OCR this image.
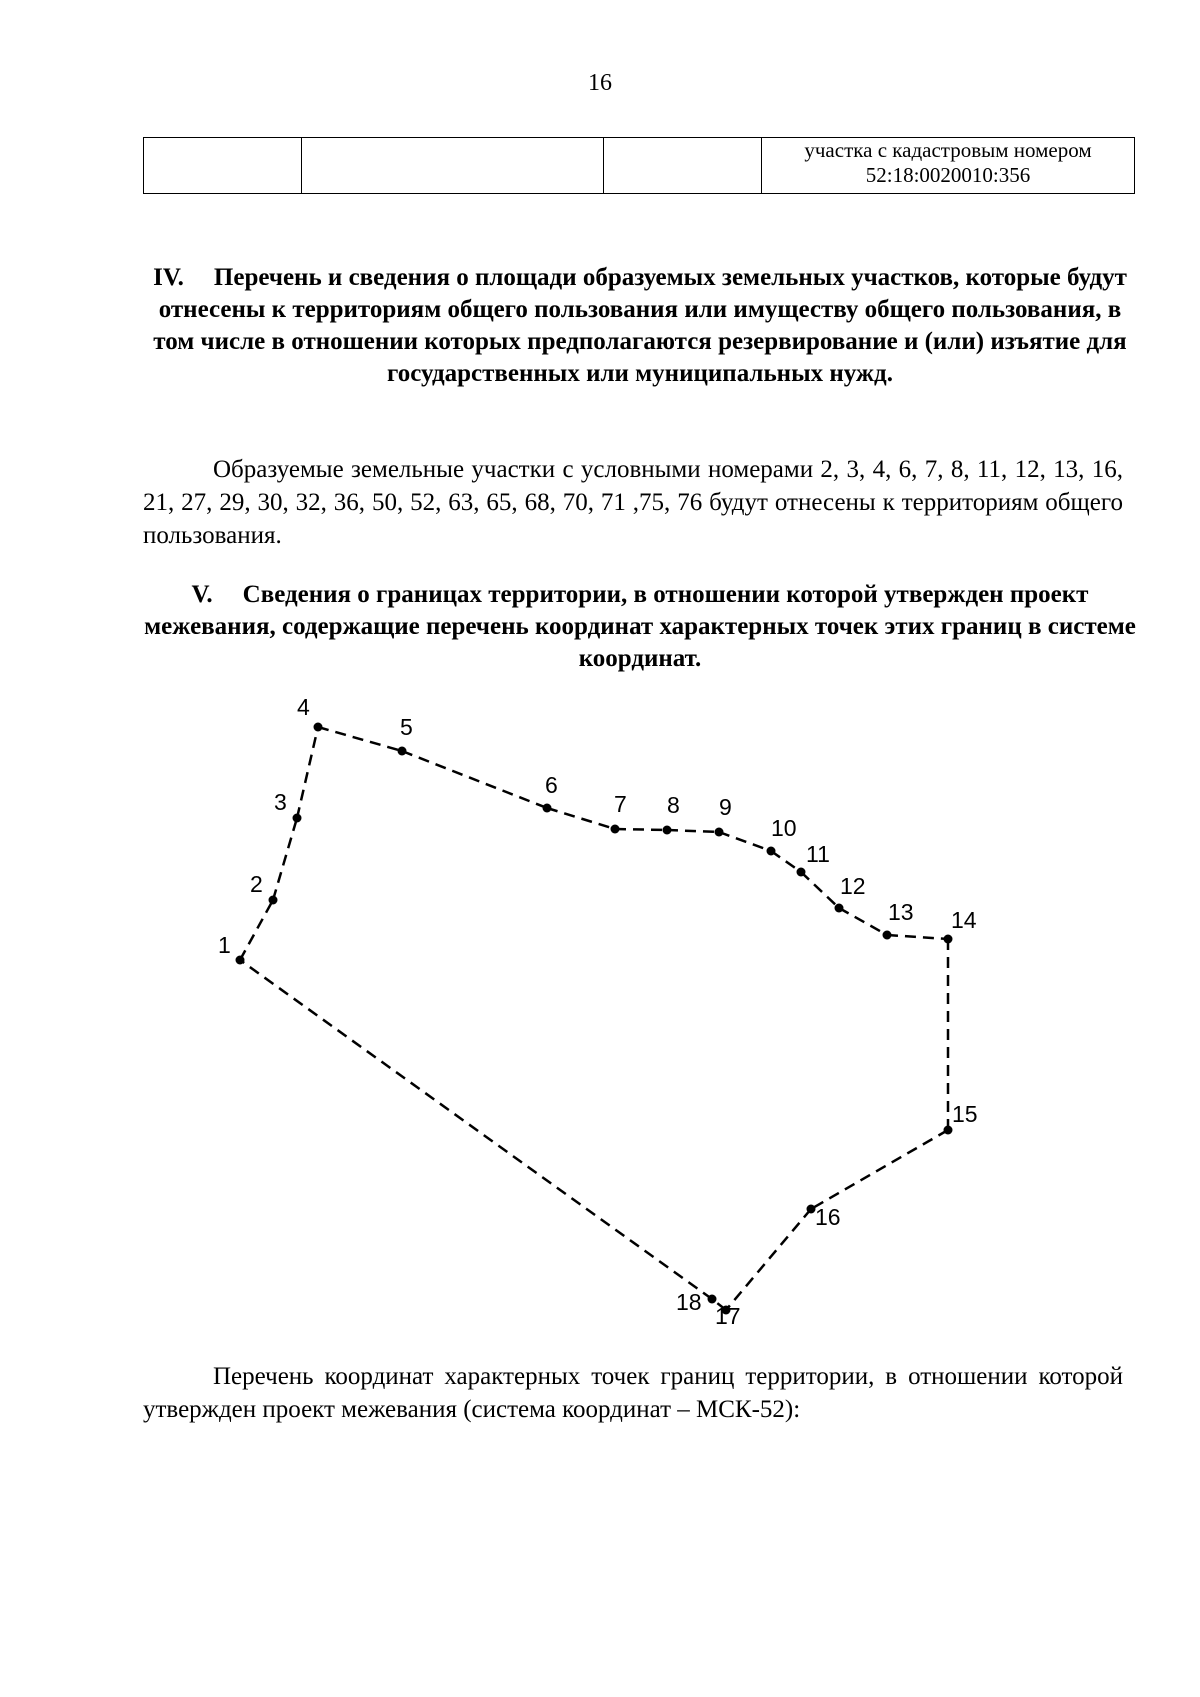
16

участка с кадастровым номером
52:18:0020010:356
IV. Перечень и сведения о площади образуемых земельных участков, которые будут отнесены к территориям общего пользования или имуществу общего пользования, в том числе в отношении которых предполагаются резервирование и (или) изъятие для государственных или муниципальных нужд.
Образуемые земельные участки с условными номерами 2, 3, 4, 6, 7, 8, 11, 12, 13, 16, 21, 27, 29, 30, 32, 36, 50, 52, 63, 65, 68, 70, 71 ,75, 76 будут отнесены к территориям общего пользования.
V. Сведения о границах территории, в отношении которой утвержден проект межевания, содержащие перечень координат характерных точек этих границ в системе координат.
1
2
3
4
5
6
7 8 9
10
11
12
13 14
15
16
17
18
Перечень координат характерных точек границ территории, в отношении которой утвержден проект межевания (система координат – МСК-52):
